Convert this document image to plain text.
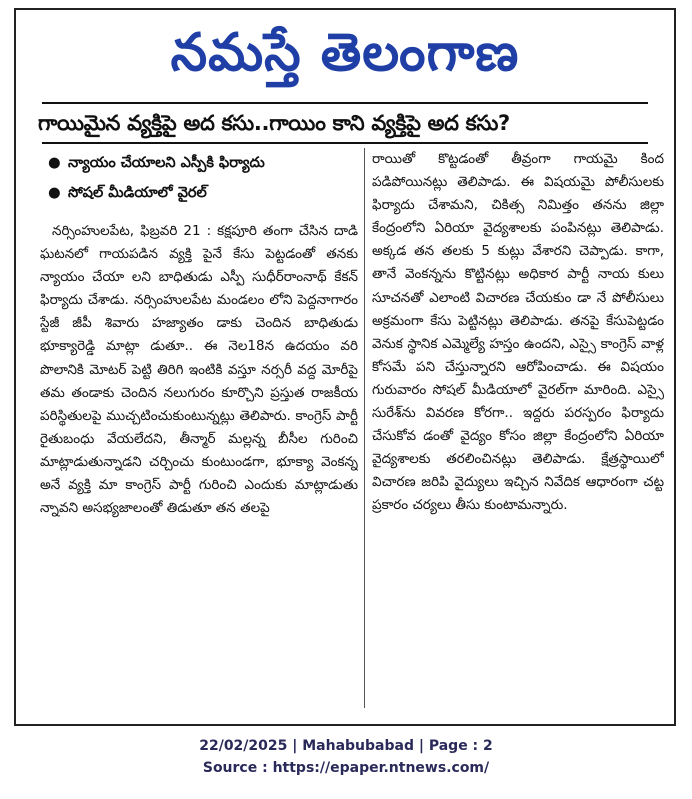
నమస్తే తెలంగాణ
గాయిమైన వ్యక్తిపై అద కసు..గాయిం కాని వ్యక్తిపై అద కసు?
● న్యాయం చేయాలని ఎస్పీకి ఫిర్యాదు
● సోషల్ మీడియాలో వైరల్
నర్సింహులపేట, ఫిబ్రవరి 21 : కక్షపూరి తంగా చేసిన దాడి ఘటనలో గాయపడిన వ్యక్తి పైనే కేసు పెట్టడంతో తనకు న్యాయం చేయా లని బాధితుడు ఎస్పీ సుధీర్‌రాంనాథ్ కేకన్ ఫిర్యాదు చేశాడు. నర్సింహులపేట మండలం లోని పెద్దనాగారం స్టేజీ జీపీ శివారు హజ్యాతం డాకు చెందిన బాధితుడు భూక్యారెడ్డి మాట్లా డుతూ.. ఈ నెల18న ఉదయం వరి పొలానికి మోటర్ పెట్టి తిరిగి ఇంటికి వస్తూ నర్సరీ వద్ద మోరీపై తమ తండాకు చెందిన నలుగురం కూర్చొని ప్రస్తుత రాజకీయ పరిస్థితులపై ముచ్చటించుకుంటున్నట్లు తెలిపారు. కాంగ్రెస్ పార్టీ రైతుబంధు వేయలేదని, తీన్మార్ మల్లన్న బీసీల గురించి మాట్లాడుతున్నాడని చర్చించు కుంటుండగా, భూక్యా వెంకన్న అనే వ్యక్తి మా కాంగ్రెస్ పార్టీ గురించి ఎందుకు మాట్లాడుతు న్నావని అసభ్యజాలంతో తిడుతూ తన తలపై
రాయితో కొట్టడంతో తీవ్రంగా గాయమై కింద పడిపోయినట్లు తెలిపాడు. ఈ విషయమై పోలీసులకు ఫిర్యాదు చేశామని, చికిత్స నిమిత్తం తనను జిల్లా కేంద్రంలోని ఏరియా వైద్యశాలకు పంపినట్లు తెలిపాడు. అక్కడ తన తలకు 5 కుట్లు వేశారని చెప్పాడు. కాగా, తానే వెంకన్నను కొట్టినట్లు అధికార పార్టీ నాయ కులు సూచనతో ఎలాంటి విచారణ చేయకుం డా నే పోలీసులు అక్రమంగా కేసు పెట్టినట్లు తెలిపాడు. తనపై కేసుపెట్టడం వెనుక స్థానిక ఎమ్మెల్యే హస్తం ఉందని, ఎస్సై కాంగ్రెస్ వాళ్ల కోసమే పని చేస్తున్నారని ఆరోపించాడు. ఈ విషయం గురువారం సోషల్ మీడియాలో వైరల్‌గా మారింది. ఎస్సై సురేశ్‌ను వివరణ కోరగా.. ఇద్దరు పరస్పరం ఫిర్యాదు చేసుకోవ డంతో వైద్యం కోసం జిల్లా కేంద్రంలోని ఏరియా వైద్యశాలకు తరలించినట్లు తెలిపాడు. క్షేత్రస్థాయిలో విచారణ జరిపి వైద్యులు ఇచ్చిన నివేదిక ఆధారంగా చట్ట ప్రకారం చర్యలు తీసు కుంటామన్నారు.
22/02/2025 | Mahabubabad | Page : 2
Source : https://epaper.ntnews.com/
